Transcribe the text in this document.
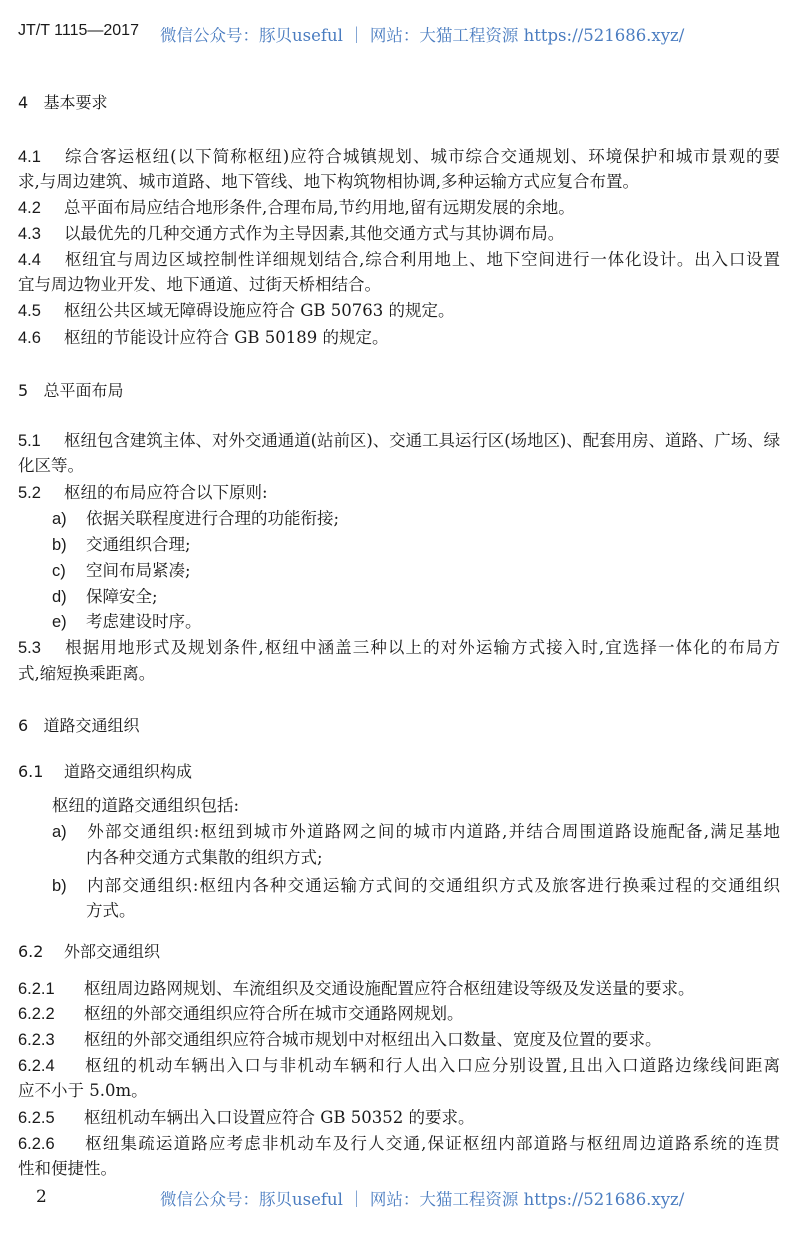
JT/T 1115—2017 微信公众号：豚贝useful ｜ 网站：大猫工程资源 https://521686.xyz/
4 基本要求
4.1 综合客运枢纽(以下简称枢纽)应符合城镇规划、城市综合交通规划、环境保护和城市景观的要
求,与周边建筑、城市道路、地下管线、地下构筑物相协调,多种运输方式应复合布置。
4.2 总平面布局应结合地形条件,合理布局,节约用地,留有远期发展的余地。
4.3 以最优先的几种交通方式作为主导因素,其他交通方式与其协调布局。
4.4 枢纽宜与周边区域控制性详细规划结合,综合利用地上、地下空间进行一体化设计。出入口设置
宜与周边物业开发、地下通道、过街天桥相结合。
4.5 枢纽公共区域无障碍设施应符合 GB 50763 的规定。
4.6 枢纽的节能设计应符合 GB 50189 的规定。
5 总平面布局
5.1 枢纽包含建筑主体、对外交通通道(站前区)、交通工具运行区(场地区)、配套用房、道路、广场、绿
化区等。
5.2 枢纽的布局应符合以下原则:
a) 依据关联程度进行合理的功能衔接;
b) 交通组织合理;
c) 空间布局紧凑;
d) 保障安全;
e) 考虑建设时序。
5.3 根据用地形式及规划条件,枢纽中涵盖三种以上的对外运输方式接入时,宜选择一体化的布局方
式,缩短换乘距离。
6 道路交通组织
6.1 道路交通组织构成
枢纽的道路交通组织包括:
a) 外部交通组织:枢纽到城市外道路网之间的城市内道路,并结合周围道路设施配备,满足基地
内各种交通方式集散的组织方式;
b) 内部交通组织:枢纽内各种交通运输方式间的交通组织方式及旅客进行换乘过程的交通组织
方式。
6.2 外部交通组织
6.2.1 枢纽周边路网规划、车流组织及交通设施配置应符合枢纽建设等级及发送量的要求。
6.2.2 枢纽的外部交通组织应符合所在城市交通路网规划。
6.2.3 枢纽的外部交通组织应符合城市规划中对枢纽出入口数量、宽度及位置的要求。
6.2.4 枢纽的机动车辆出入口与非机动车辆和行人出入口应分别设置,且出入口道路边缘线间距离
应不小于 5.0m。
6.2.5 枢纽机动车辆出入口设置应符合 GB 50352 的要求。
6.2.6 枢纽集疏运道路应考虑非机动车及行人交通,保证枢纽内部道路与枢纽周边道路系统的连贯
性和便捷性。
2	微信公众号：豚贝useful ｜ 网站：大猫工程资源 https://521686.xyz/
